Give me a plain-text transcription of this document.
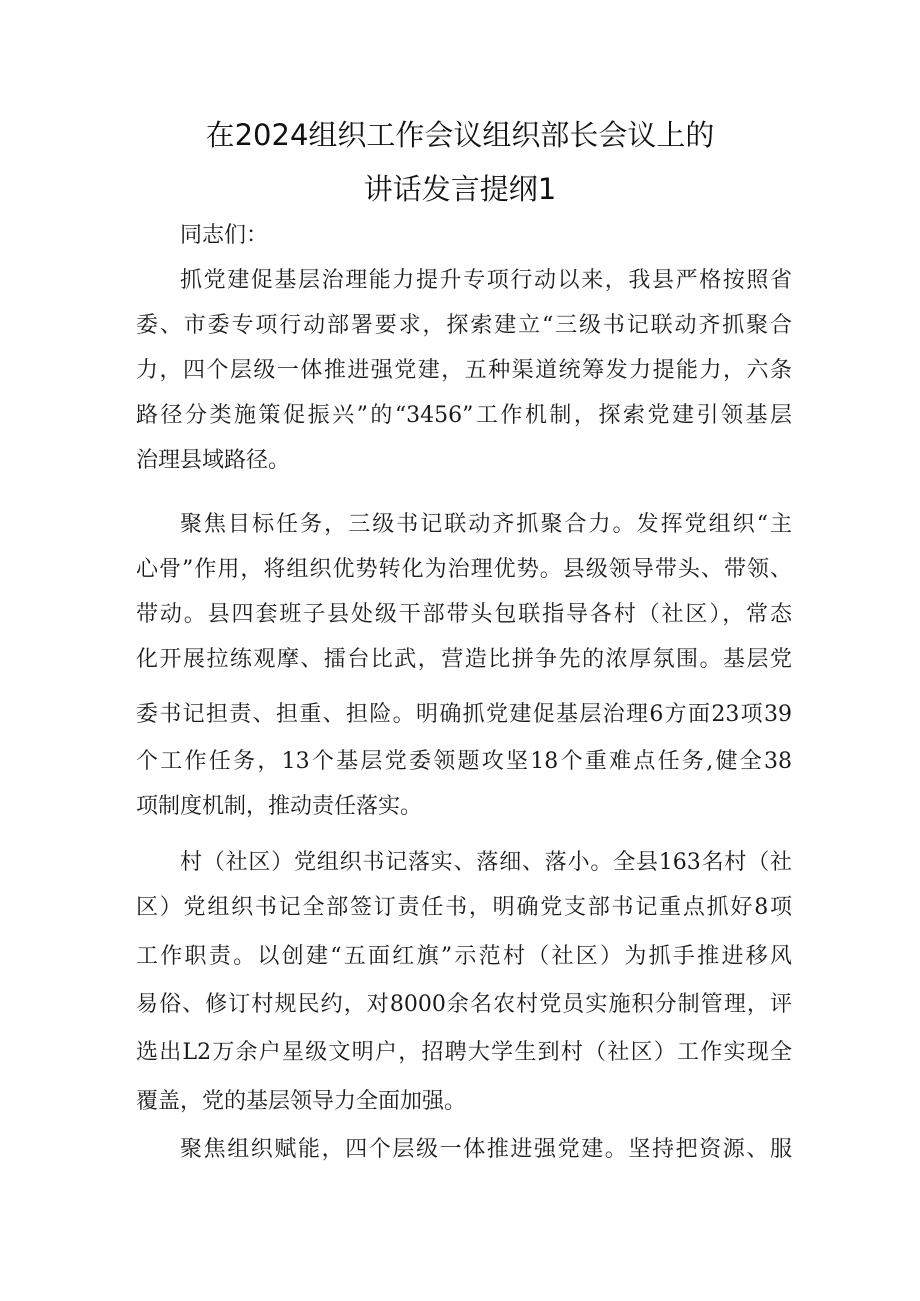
在2024组织工作会议组织部长会议上的
讲话发言提纲1
同志们：
抓党建促基层治理能力提升专项行动以来，我县严格按照省
委、市委专项行动部署要求，探索建立“三级书记联动齐抓聚合
力，四个层级一体推进强党建，五种渠道统筹发力提能力，六条
路径分类施策促振兴”的“3456”工作机制，探索党建引领基层
治理县域路径。
聚焦目标任务，三级书记联动齐抓聚合力。发挥党组织“主
心骨”作用，将组织优势转化为治理优势。县级领导带头、带领、
带动。县四套班子县处级干部带头包联指导各村（社区），常态
化开展拉练观摩、擂台比武，营造比拼争先的浓厚氛围。基层党
委书记担责、担重、担险。明确抓党建促基层治理6方面23项39
个工作任务，13个基层党委领题攻坚18个重难点任务,健全38
项制度机制，推动责任落实。
村（社区）党组织书记落实、落细、落小。全县163名村（社
区）党组织书记全部签订责任书，明确党支部书记重点抓好8项
工作职责。以创建“五面红旗”示范村（社区）为抓手推进移风
易俗、修订村规民约，对8000余名农村党员实施积分制管理，评
选出L2万余户星级文明户，招聘大学生到村（社区）工作实现全
覆盖，党的基层领导力全面加强。
聚焦组织赋能，四个层级一体推进强党建。坚持把资源、服
